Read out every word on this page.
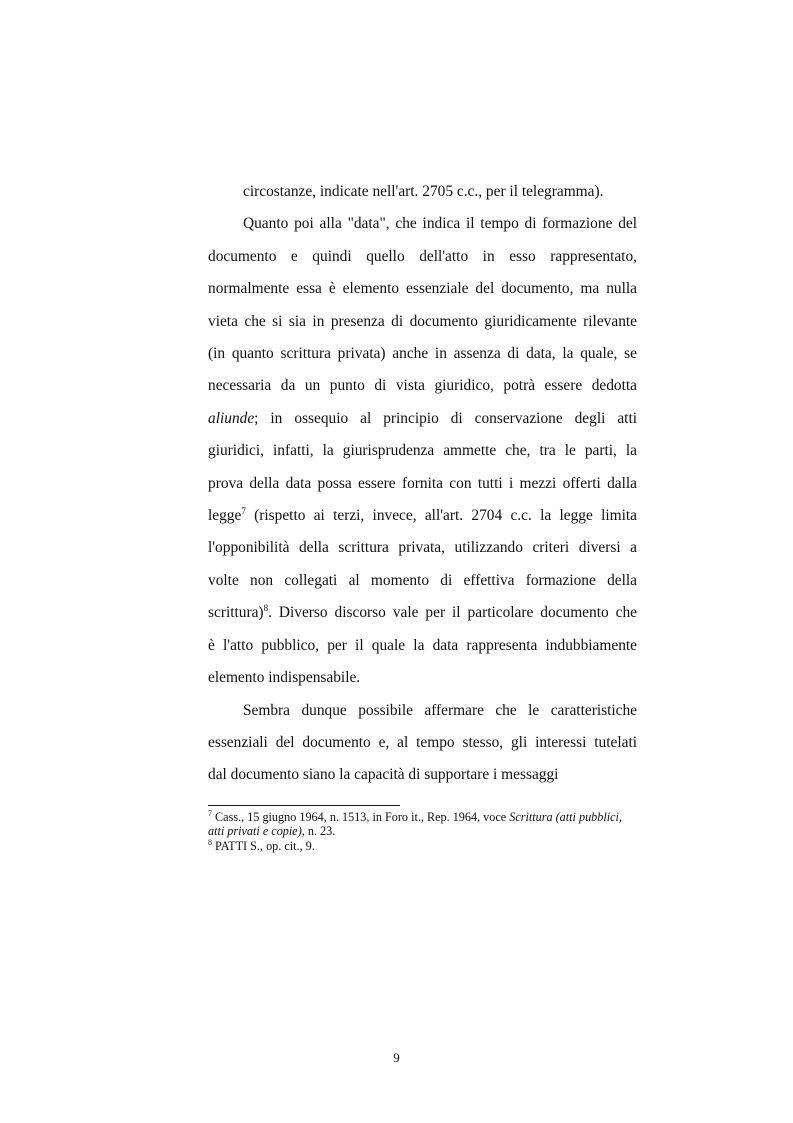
circostanze, indicate nell'art. 2705 c.c., per il telegramma).

Quanto poi alla "data", che indica il tempo di formazione del
documento e quindi quello dell'atto in esso rappresentato,
normalmente essa è elemento essenziale del documento, ma nulla
vieta che si sia in presenza di documento giuridicamente rilevante
(in quanto scrittura privata) anche in assenza di data, la quale, se
necessaria da un punto di vista giuridico, potrà essere dedotta
aliunde; in ossequio al principio di conservazione degli atti
giuridici, infatti, la giurisprudenza ammette che, tra le parti, la
prova della data possa essere fornita con tutti i mezzi offerti dalla
legge$^7$ (rispetto ai terzi, invece, all'art. 2704 c.c. la legge limita
l'opponibilità della scrittura privata, utilizzando criteri diversi a
volte non collegati al momento di effettiva formazione della
scrittura)$^8$. Diverso discorso vale per il particolare documento che
è l'atto pubblico, per il quale la data rappresenta indubbiamente
elemento indispensabile.

Sembra dunque possibile affermare che le caratteristiche
essenziali del documento e, al tempo stesso, gli interessi tutelati
dal documento siano la capacità di supportare i messaggi

$^7$ Cass., 15 giugno 1964, n. 1513, in Foro it., Rep. 1964, voce Scrittura (atti pubblici, atti privati e copie), n. 23.

$^8$ PATTI S., op. cit., 9.

9
